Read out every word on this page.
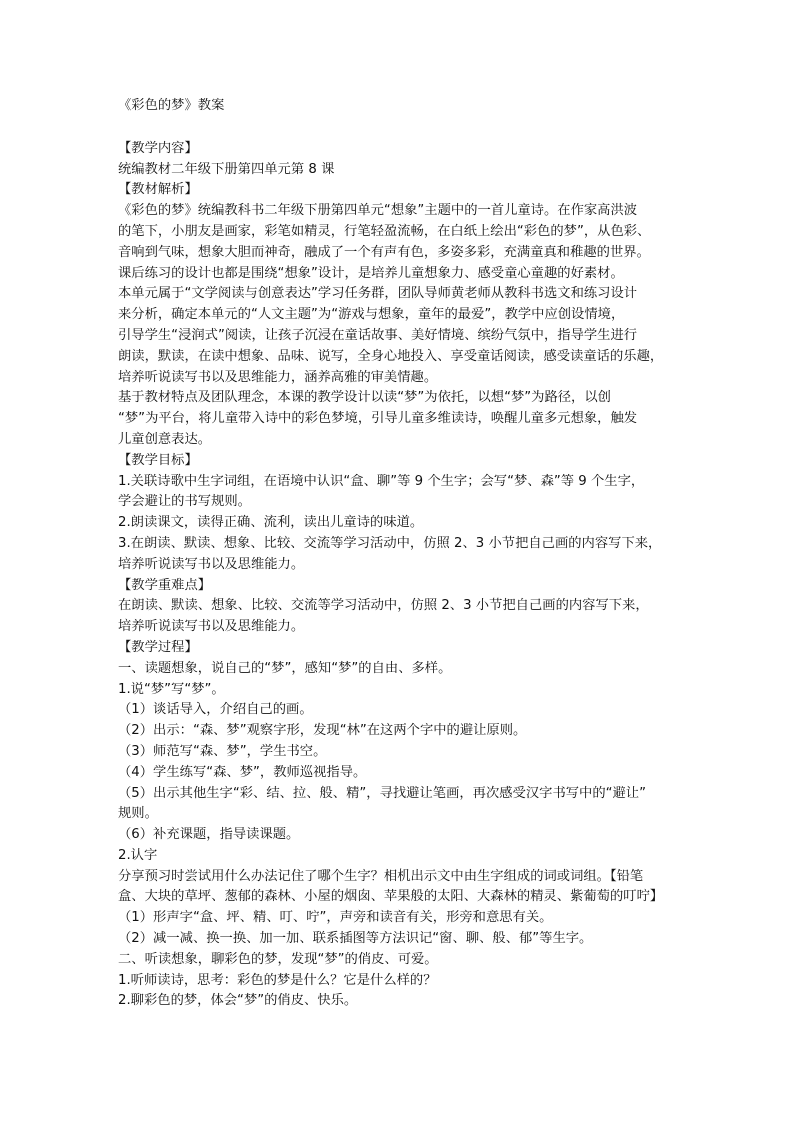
《彩色的梦》教案
【教学内容】
统编教材二年级下册第四单元第 8 课
【教材解析】
《彩色的梦》统编教科书二年级下册第四单元“想象”主题中的一首儿童诗。在作家高洪波
的笔下，小朋友是画家，彩笔如精灵，行笔轻盈流畅，在白纸上绘出“彩色的梦”，从色彩、
音响到气味，想象大胆而神奇，融成了一个有声有色，多姿多彩，充满童真和稚趣的世界。
课后练习的设计也都是围绕“想象”设计，是培养儿童想象力、感受童心童趣的好素材。
本单元属于“文学阅读与创意表达”学习任务群，团队导师黄老师从教科书选文和练习设计
来分析，确定本单元的“人文主题”为“游戏与想象，童年的最爱”，教学中应创设情境，
引导学生“浸润式”阅读，让孩子沉浸在童话故事、美好情境、缤纷气氛中，指导学生进行
朗读，默读，在读中想象、品味、说写，全身心地投入、享受童话阅读，感受读童话的乐趣，
培养听说读写书以及思维能力，涵养高雅的审美情趣。
基于教材特点及团队理念，本课的教学设计以读“梦”为依托，以想“梦”为路径，以创
“梦”为平台，将儿童带入诗中的彩色梦境，引导儿童多维读诗，唤醒儿童多元想象，触发
儿童创意表达。
【教学目标】
1.关联诗歌中生字词组，在语境中认识“盒、聊”等 9 个生字；会写“梦、森”等 9 个生字，
学会避让的书写规则。
2.朗读课文，读得正确、流利，读出儿童诗的味道。
3.在朗读、默读、想象、比较、交流等学习活动中，仿照 2、3 小节把自己画的内容写下来，
培养听说读写书以及思维能力。
【教学重难点】
在朗读、默读、想象、比较、交流等学习活动中，仿照 2、3 小节把自己画的内容写下来，
培养听说读写书以及思维能力。
【教学过程】
一、读题想象，说自己的“梦”，感知“梦”的自由、多样。
1.说“梦”写“梦”。
（1）谈话导入，介绍自己的画。
（2）出示：“森、梦”观察字形，发现“林”在这两个字中的避让原则。
（3）师范写“森、梦”，学生书空。
（4）学生练写“森、梦”，教师巡视指导。
（5）出示其他生字“彩、结、拉、般、精”，寻找避让笔画，再次感受汉字书写中的“避让”
规则。
（6）补充课题，指导读课题。
2.认字
分享预习时尝试用什么办法记住了哪个生字？相机出示文中由生字组成的词或词组。【铅笔
盒、大块的草坪、葱郁的森林、小屋的烟囱、苹果般的太阳、大森林的精灵、紫葡萄的叮咛】
（1）形声字“盒、坪、精、叮、咛”，声旁和读音有关，形旁和意思有关。
（2）减一减、换一换、加一加、联系插图等方法识记“窗、聊、般、郁”等生字。
二、听读想象，聊彩色的梦，发现“梦”的俏皮、可爱。
1.听师读诗，思考：彩色的梦是什么？它是什么样的？
2.聊彩色的梦，体会“梦”的俏皮、快乐。
